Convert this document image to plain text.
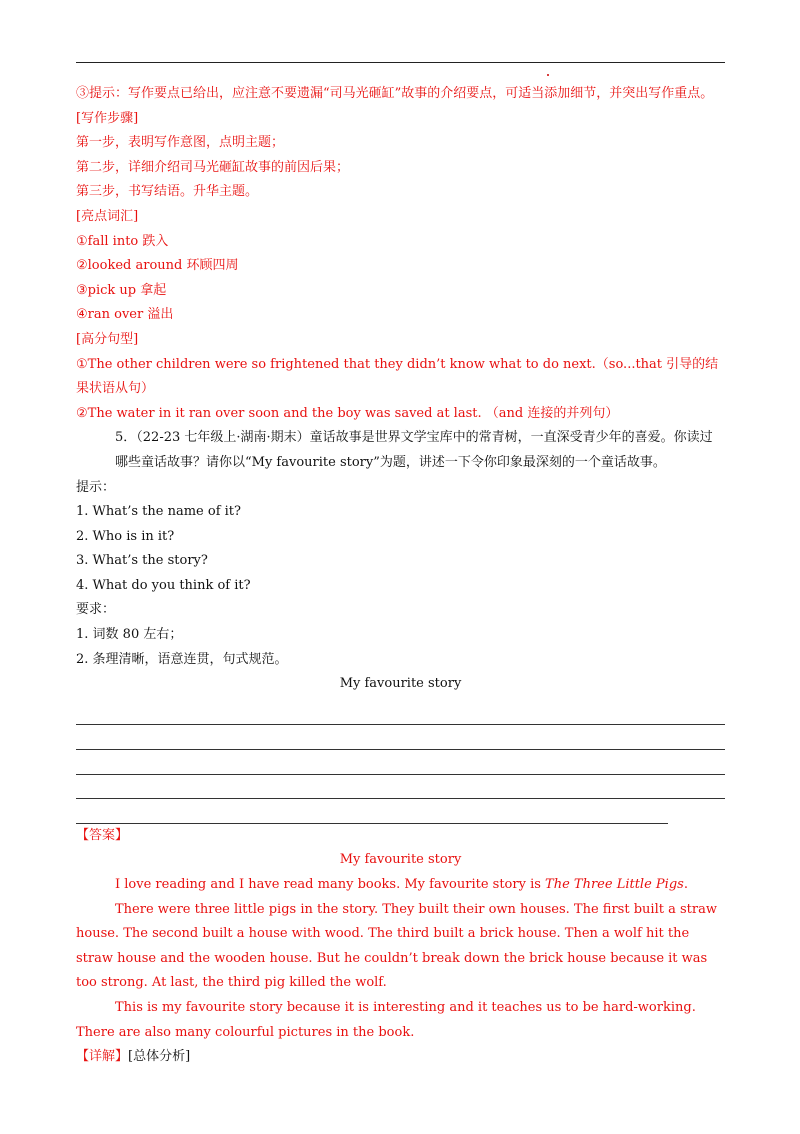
③提示：写作要点已给出，应注意不要遗漏“司马光砸缸”故事的介绍要点，可适当添加细节，并突出写作重点。
[写作步骤]
第一步，表明写作意图，点明主题；
第二步，详细介绍司马光砸缸故事的前因后果；
第三步，书写结语。升华主题。
[亮点词汇]
①fall into 跌入
②looked around 环顾四周
③pick up 拿起
④ran over 溢出
[高分句型]
①The other children were so frightened that they didn’t know what to do next.（so...that 引导的结果状语从句）
②The water in it ran over soon and the boy was saved at last. （and 连接的并列句）
5．（22-23 七年级上·湖南·期末）童话故事是世界文学宝库中的常青树，一直深受青少年的喜爱。你读过哪些童话故事？请你以“My favourite story”为题，讲述一下令你印象最深刻的一个童话故事。
提示：
1. What’s the name of it?
2. Who is in it?
3. What’s the story?
4. What do you think of it?
要求：
1. 词数 80 左右；
2. 条理清晰，语意连贯，句式规范。
My favourite story
【答案】
My favourite story
I love reading and I have read many books. My favourite story is The Three Little Pigs.
There were three little pigs in the story. They built their own houses. The first built a straw house. The second built a house with wood. The third built a brick house. Then a wolf hit the straw house and the wooden house. But he couldn’t break down the brick house because it was too strong. At last, the third pig killed the wolf.
This is my favourite story because it is interesting and it teaches us to be hard-working. There are also many colourful pictures in the book.
【详解】[总体分析]
